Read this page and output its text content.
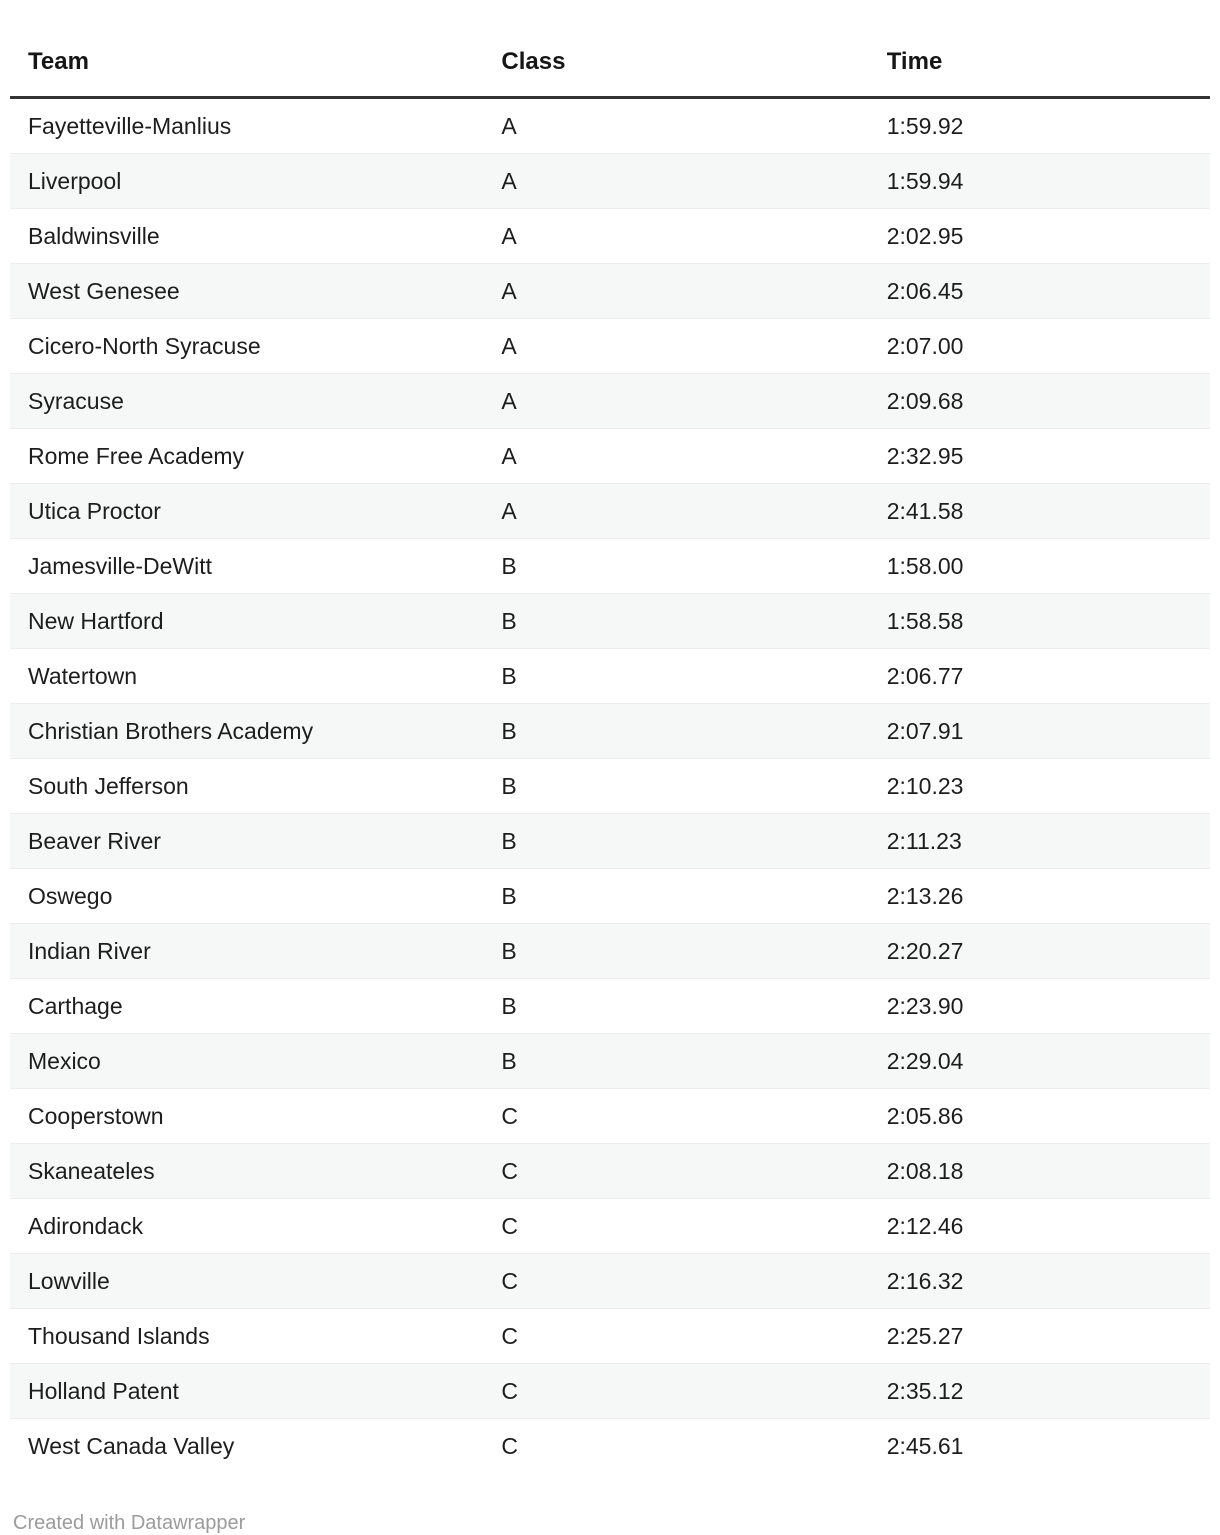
Team	Class	Time
Fayetteville-Manlius	A	1:59.92
Liverpool	A	1:59.94
Baldwinsville	A	2:02.95
West Genesee	A	2:06.45
Cicero-North Syracuse	A	2:07.00
Syracuse	A	2:09.68
Rome Free Academy	A	2:32.95
Utica Proctor	A	2:41.58
Jamesville-DeWitt	B	1:58.00
New Hartford	B	1:58.58
Watertown	B	2:06.77
Christian Brothers Academy	B	2:07.91
South Jefferson	B	2:10.23
Beaver River	B	2:11.23
Oswego	B	2:13.26
Indian River	B	2:20.27
Carthage	B	2:23.90
Mexico	B	2:29.04
Cooperstown	C	2:05.86
Skaneateles	C	2:08.18
Adirondack	C	2:12.46
Lowville	C	2:16.32
Thousand Islands	C	2:25.27
Holland Patent	C	2:35.12
West Canada Valley	C	2:45.61
Created with Datawrapper
